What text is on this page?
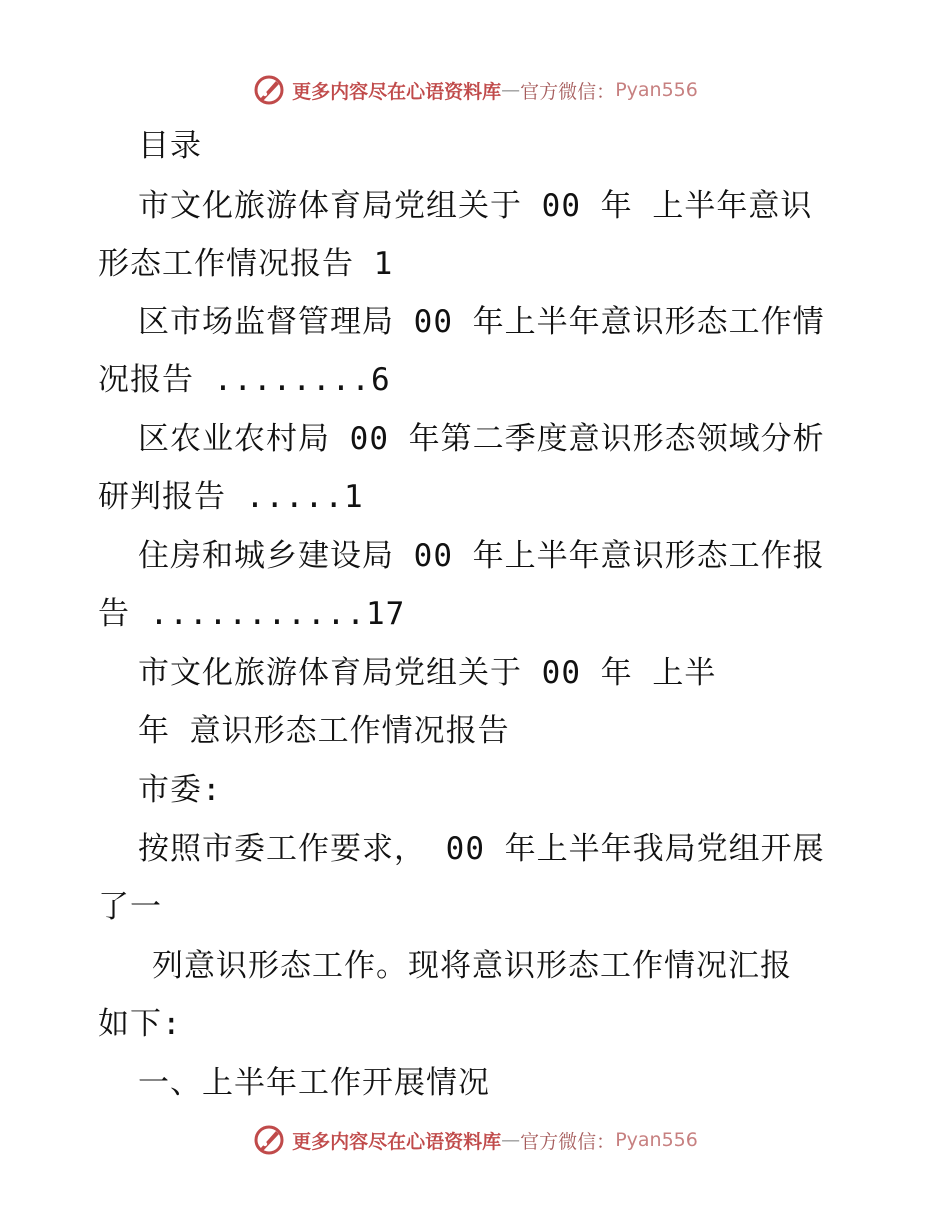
更多内容尽在心语资料库 — 官方微信： Pyan556
目录
市文化旅游体育局党组关于 00 年 上半年意识
形态工作情况报告 1
区市场监督管理局 00 年上半年意识形态工作情
况报告 ........6
区农业农村局 00 年第二季度意识形态领域分析
研判报告 .....1
住房和城乡建设局 00 年上半年意识形态工作报
告 ...........17
市文化旅游体育局党组关于 00 年 上半
年 意识形态工作情况报告
市委:
按照市委工作要求， 00 年上半年我局党组开展
了一
列意识形态工作。现将意识形态工作情况汇报
如下:
一、上半年工作开展情况
更多内容尽在心语资料库 — 官方微信： Pyan556
